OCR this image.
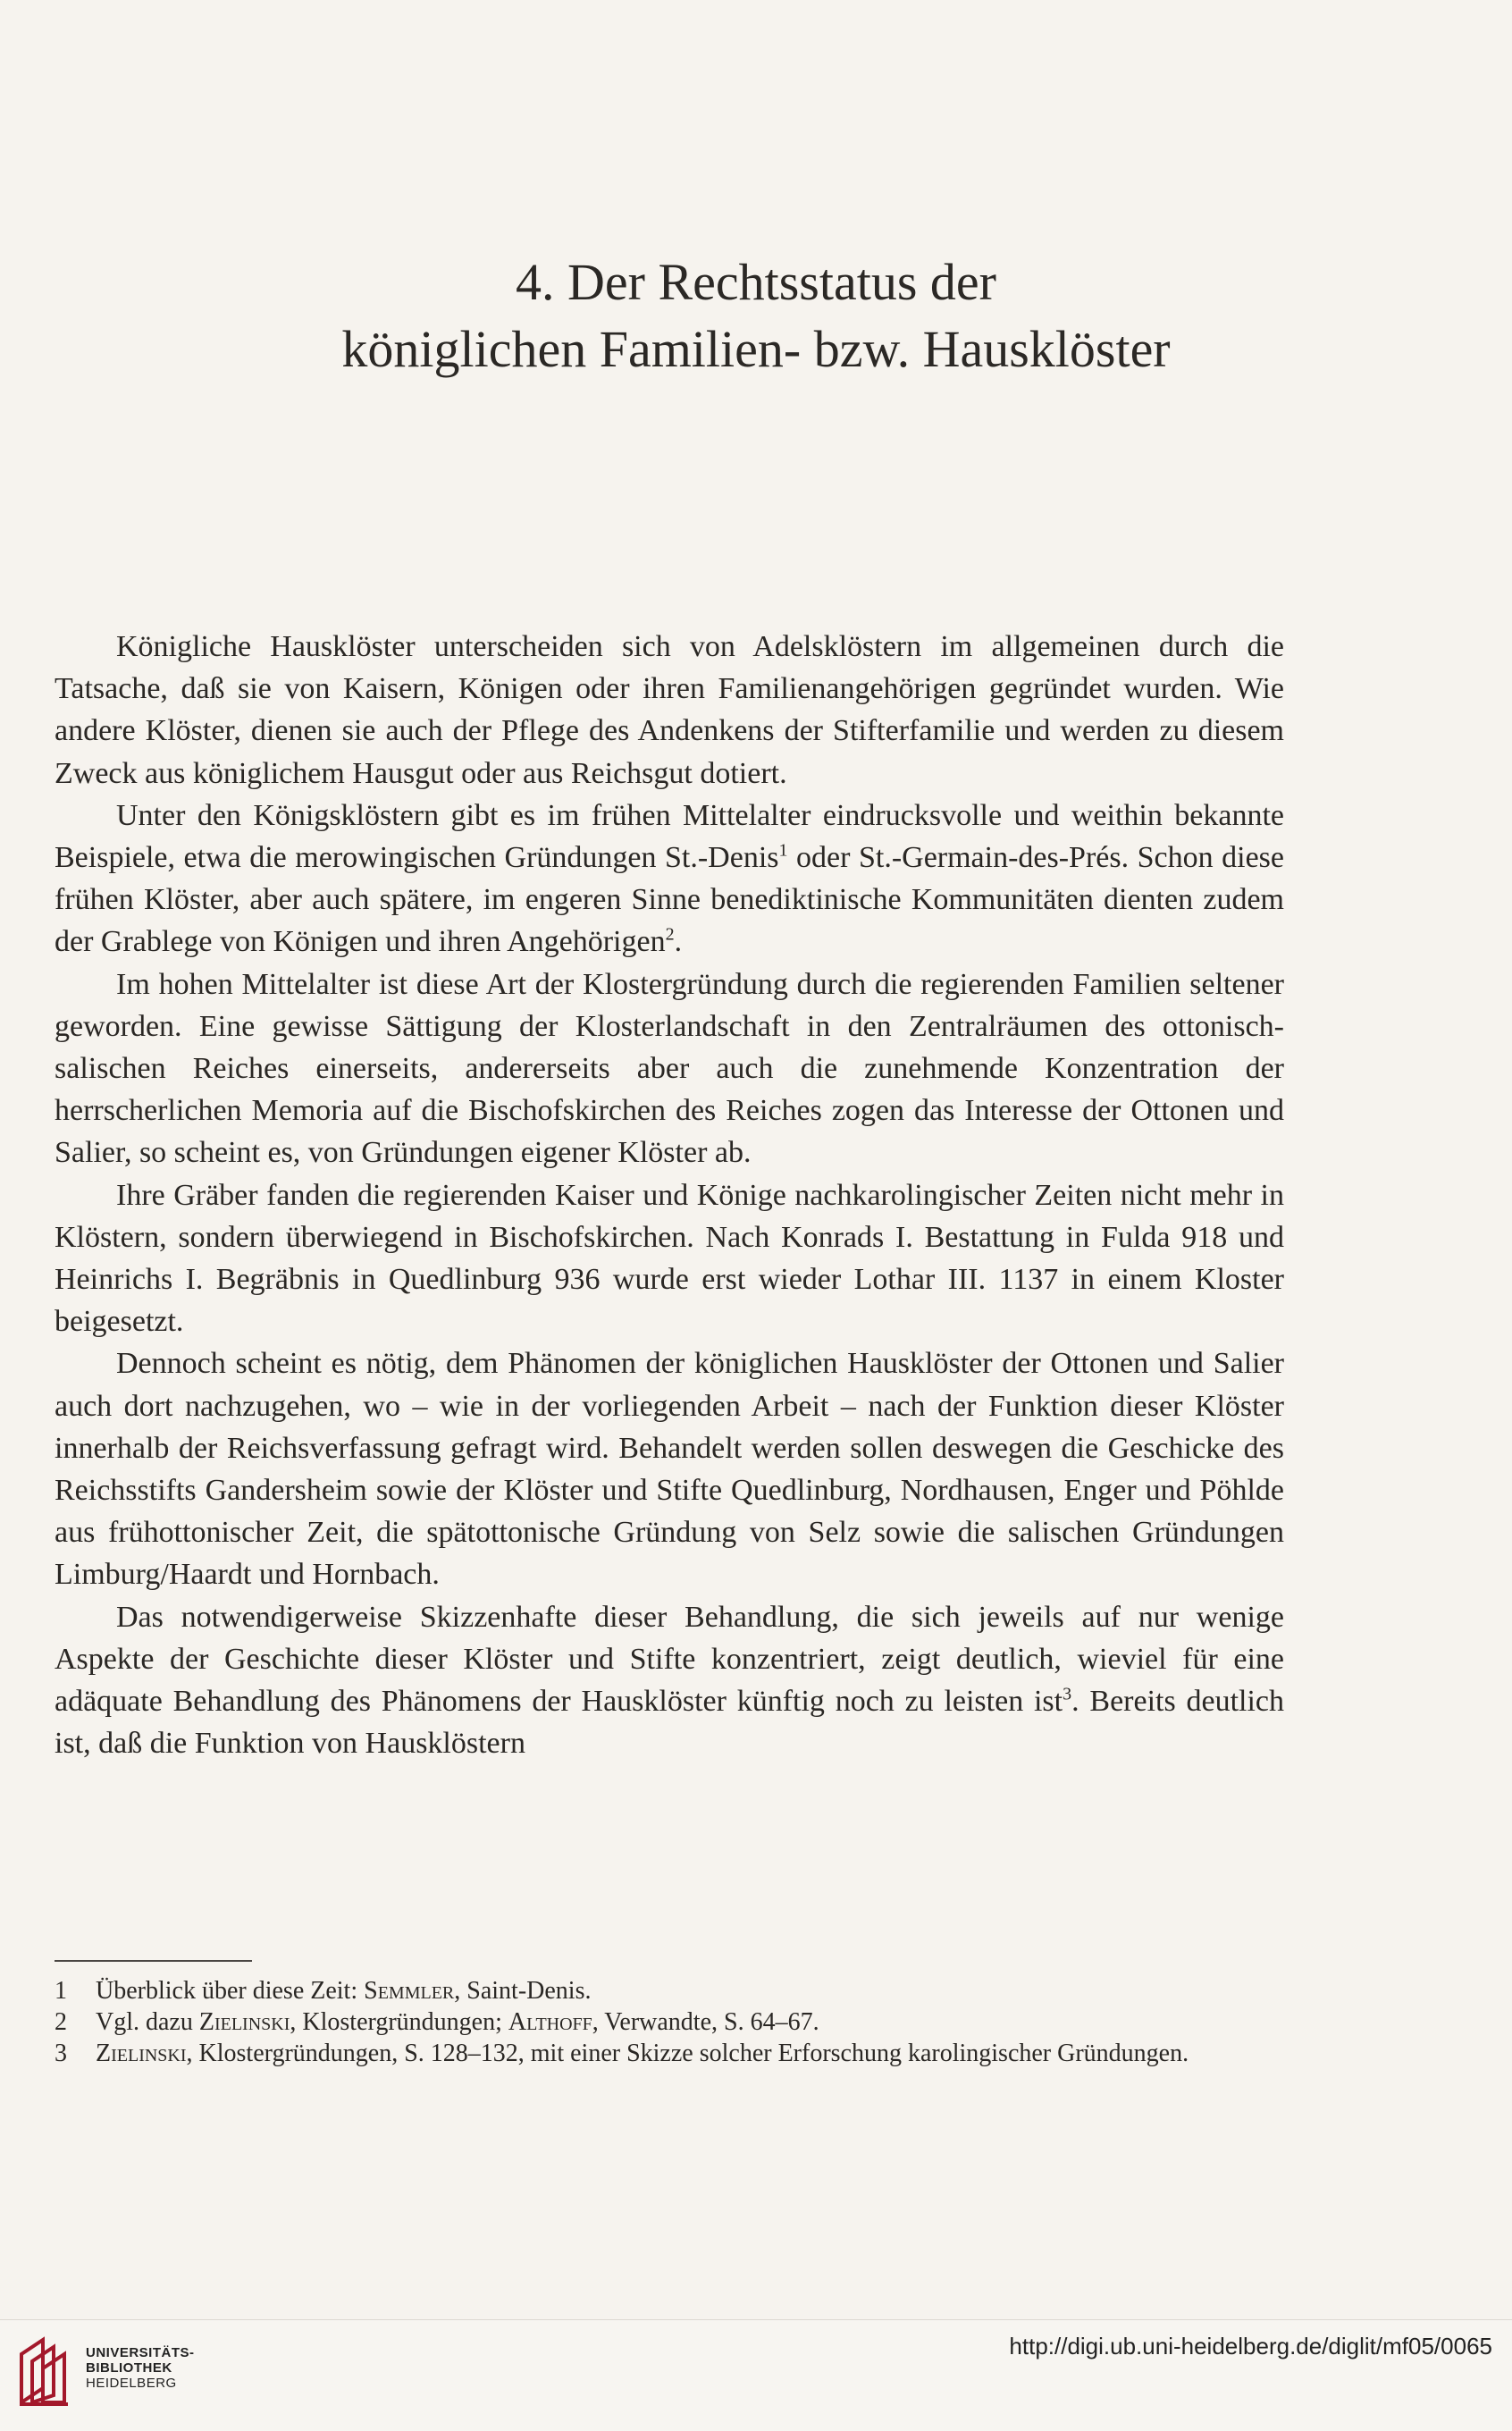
4. Der Rechtsstatus der
königlichen Familien- bzw. Hausklöster

Königliche Hausklöster unterscheiden sich von Adelsklöstern im allgemeinen durch die Tatsache, daß sie von Kaisern, Königen oder ihren Familienangehörigen gegründet wurden. Wie andere Klöster, dienen sie auch der Pflege des Andenkens der Stifterfamilie und werden zu diesem Zweck aus königlichem Hausgut oder aus Reichsgut dotiert.

Unter den Königsklöstern gibt es im frühen Mittelalter eindrucksvolle und weithin bekannte Beispiele, etwa die merowingischen Gründungen St.-Denis$^1$ oder St.-Germain-des-Prés. Schon diese frühen Klöster, aber auch spätere, im engeren Sinne benediktinische Kommunitäten dienten zudem der Grablege von Königen und ihren Angehörigen$^2$.

Im hohen Mittelalter ist diese Art der Klostergründung durch die regierenden Familien seltener geworden. Eine gewisse Sättigung der Klosterlandschaft in den Zentralräumen des ottonisch-salischen Reiches einerseits, andererseits aber auch die zunehmende Konzentration der herrscherlichen Memoria auf die Bischofskirchen des Reiches zogen das Interesse der Ottonen und Salier, so scheint es, von Gründungen eigener Klöster ab.

Ihre Gräber fanden die regierenden Kaiser und Könige nachkarolingischer Zeiten nicht mehr in Klöstern, sondern überwiegend in Bischofskirchen. Nach Konrads I. Bestattung in Fulda 918 und Heinrichs I. Begräbnis in Quedlinburg 936 wurde erst wieder Lothar III. 1137 in einem Kloster beigesetzt.

Dennoch scheint es nötig, dem Phänomen der königlichen Hausklöster der Ottonen und Salier auch dort nachzugehen, wo – wie in der vorliegenden Arbeit – nach der Funktion dieser Klöster innerhalb der Reichsverfassung gefragt wird. Behandelt werden sollen deswegen die Geschicke des Reichsstifts Gandersheim sowie der Klöster und Stifte Quedlinburg, Nordhausen, Enger und Pöhlde aus frühottonischer Zeit, die spätottonische Gründung von Selz sowie die salischen Gründungen Limburg/Haardt und Hornbach.

Das notwendigerweise Skizzenhafte dieser Behandlung, die sich jeweils auf nur wenige Aspekte der Geschichte dieser Klöster und Stifte konzentriert, zeigt deutlich, wieviel für eine adäquate Behandlung des Phänomens der Hausklöster künftig noch zu leisten ist$^3$. Bereits deutlich ist, daß die Funktion von Hausklöstern

1 Überblick über diese Zeit: Semmler, Saint-Denis.

2 Vgl. dazu Zielinski, Klostergründungen; Althoff, Verwandte, S. 64–67.

3 Zielinski, Klostergründungen, S. 128–132, mit einer Skizze solcher Erforschung karolingischer Gründungen.

UNIVERSITÄTS-
BIBLIOTHEK
HEIDELBERG
http://digi.ub.uni-heidelberg.de/diglit/mf05/0065
